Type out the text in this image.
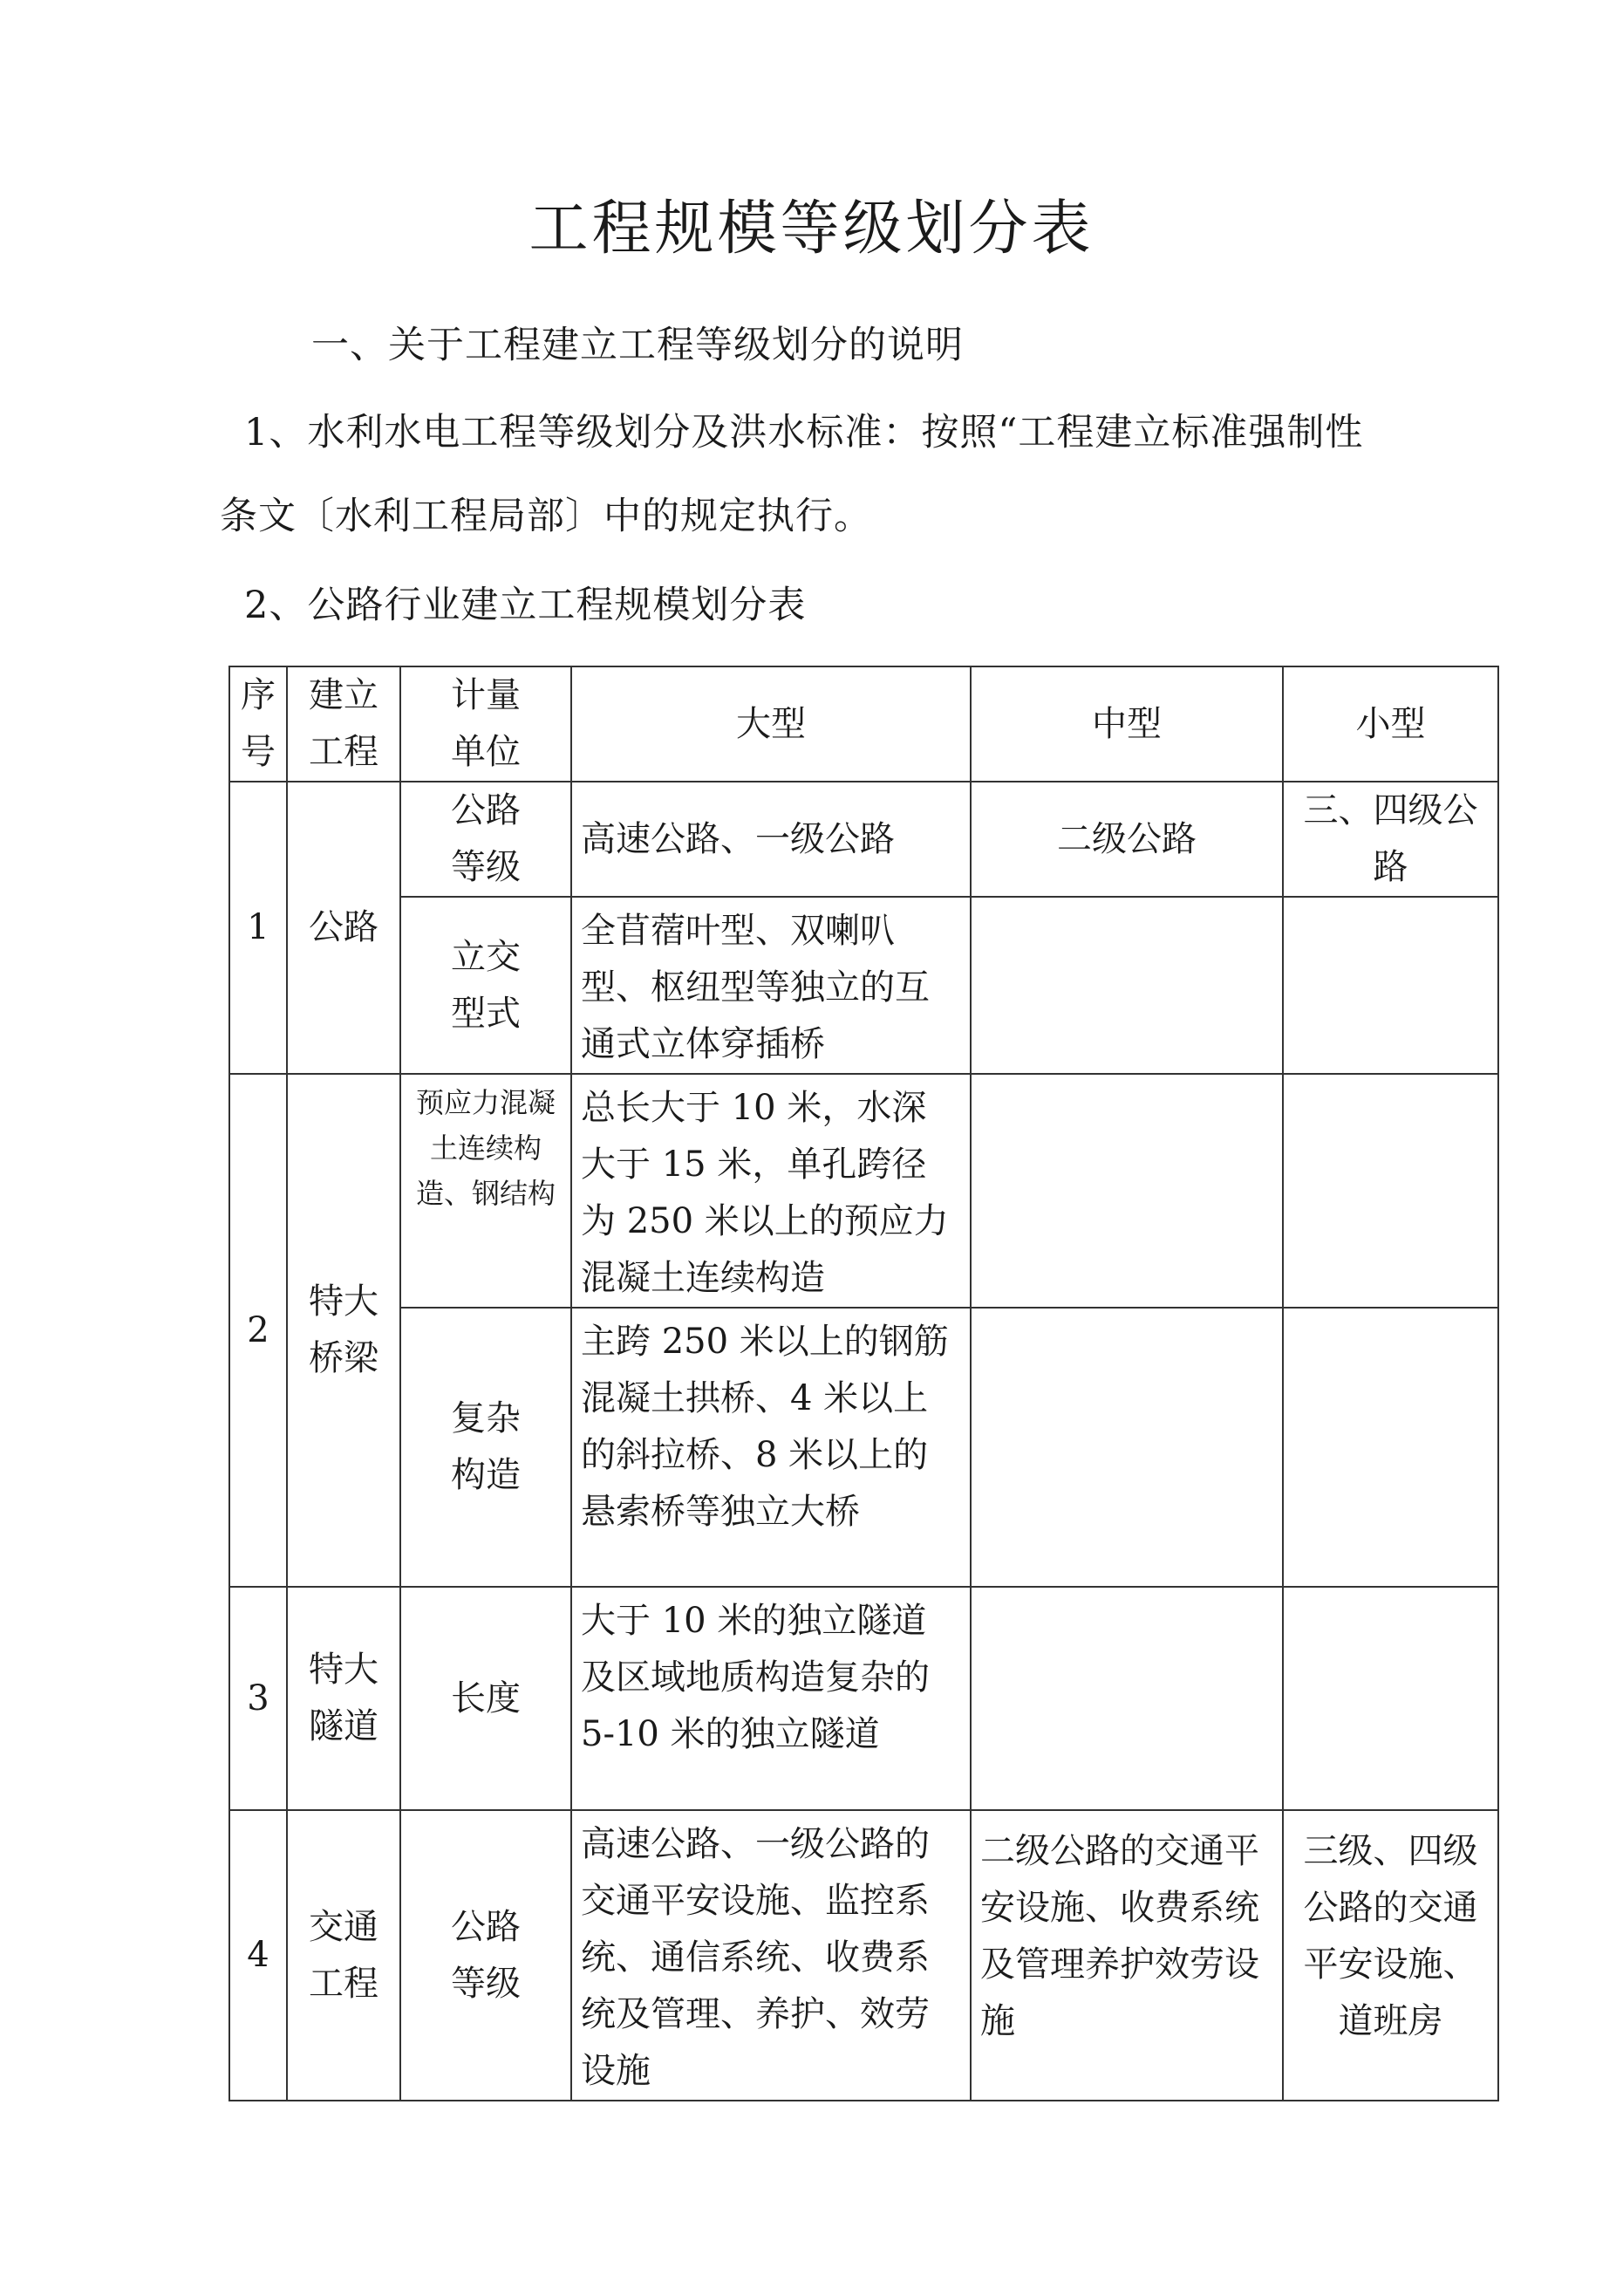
工程规模等级划分表
一、关于工程建立工程等级划分的说明
1、水利水电工程等级划分及洪水标准：按照“工程建立标准强制性
条文〔水利工程局部〕中的规定执行。
2、公路行业建立工程规模划分表
序号	建立工程	计量单位	大型	中型	小型
1	公路	公路等级	高速公路、一级公路	二级公路	三、四级公路
		立交型式	全苜蓿叶型、双喇叭型、枢纽型等独立的互通式立体穿插桥		
2	特大桥梁	预应力混凝土连续构造、钢结构	总长大于 10 米，水深大于 15 米，单孔跨径为 250 米以上的预应力混凝土连续构造		
		复杂构造	主跨 250 米以上的钢筋混凝土拱桥、4 米以上的斜拉桥、8 米以上的悬索桥等独立大桥		
3	特大隧道	长度	大于 10 米的独立隧道及区域地质构造复杂的 5-10 米的独立隧道		
4	交通工程	公路等级	高速公路、一级公路的交通平安设施、监控系统、通信系统、收费系统及管理、养护、效劳设施	二级公路的交通平安设施、收费系统及管理养护效劳设施	三级、四级公路的交通平安设施、道班房
